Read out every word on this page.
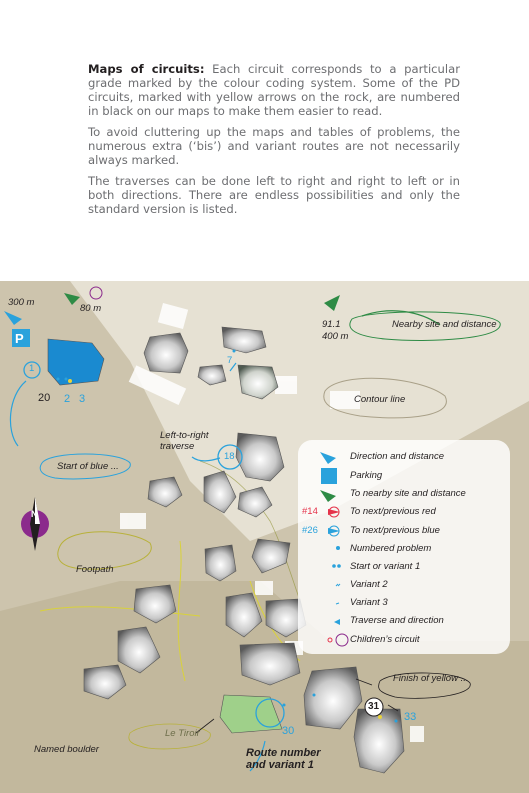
Maps of circuits: Each circuit corresponds to a particular grade marked by the colour coding system. Some of the PD circuits, marked with yellow arrows on the rock, are numbered in black on our maps to make them easier to read.

To avoid cluttering up the maps and tables of problems, the numerous extra (‘bis’) and variant routes are not necessarily always marked.

The traverses can be done left to right and right to left or in both directions. There are endless possibilities and only the standard version is listed.

300 m
P
80 m
91.1
400 m
Nearby site and distance
Contour line
Left-to-right
traverse
Start of blue ...
Footpath
Finish of yellow ...
Le Tiroir
Named boulder	Route number
and variant 1
1
7
18
20 2 3
30
31
33
N
Direction and distance
Parking
To nearby site and distance
#14	To next/previous red
#26	To next/previous blue
Numbered problem
Start or variant 1
Variant 2
Variant 3
Traverse and direction
Children’s circuit
